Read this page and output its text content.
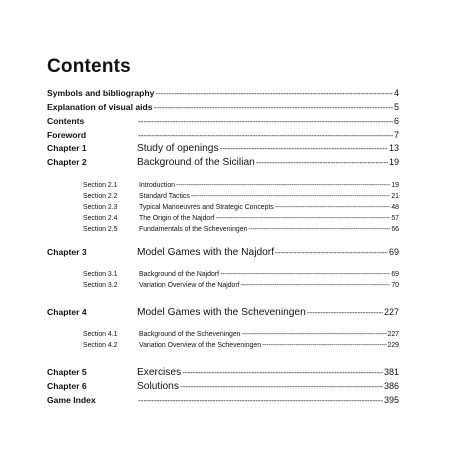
Contents
Symbols and bibliography -----	4
Explanation of visual aids -----	5
Contents -----	6
Foreword -----	7
Chapter 1	Study of openings -----	13
Chapter 2	Background of the Sicilian -----	19
Section 2.1	Introduction -----	19
Section 2.2	Standard Tactics -----	21
Section 2.3	Typical Manoeuvres and Strategic Concepts -----	48
Section 2.4	The Origin of the Najdorf -----	57
Section 2.5	Fundamentals of the Scheveningen -----	66
Chapter 3	Model Games with the Najdorf -----	69
Section 3.1	Background of the Najdorf -----	69
Section 3.2	Variation Overview of the Najdorf -----	70
Chapter 4	Model Games with the Scheveningen -----	227
Section 4.1	Background of the Scheveningen -----	227
Section 4.2	Variation Overview of the Scheveningen -----	229
Chapter 5	Exercises -----	381
Chapter 6	Solutions -----	386
Game Index -----	395
